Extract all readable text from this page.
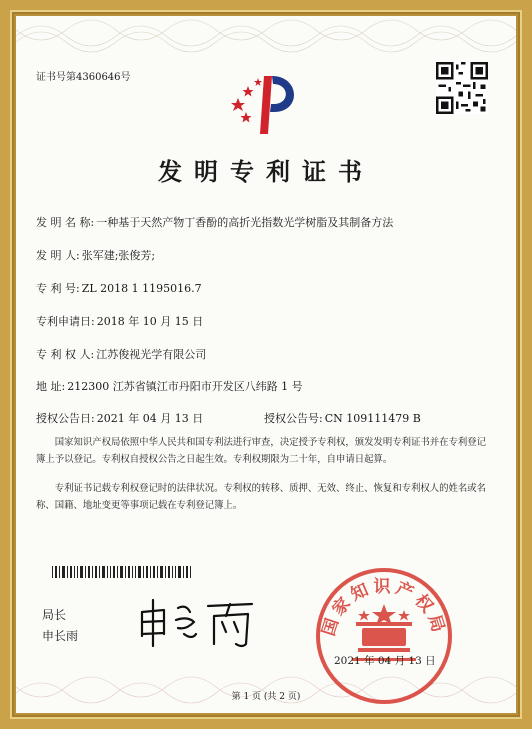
证书号第4360646号
发明专利证书
发 明 名 称: 一种基于天然产物丁香酚的高折光指数光学树脂及其制备方法
发 明 人: 张军建;张俊芳;
专 利 号: ZL 2018 1 1195016.7
专利申请日: 2018 年 10 月 15 日
专 利 权 人: 江苏俊视光学有限公司
地 址: 212300 江苏省镇江市丹阳市开发区八纬路 1 号
授权公告日: 2021 年 04 月 13 日	授权公告号: CN 109111479 B
国家知识产权局依照中华人民共和国专利法进行审查，决定授予专利权，颁发发明专利证书并在专利登记簿上予以登记。专利权自授权公告之日起生效。专利权期限为二十年，自申请日起算。
专利证书记载专利权登记时的法律状况。专利权的转移、质押、无效、终止、恢复和专利权人的姓名或名称、国籍、地址变更等事项记载在专利登记簿上。
局长
申长雨	国家知识产权局
2021 年 04 月 13 日
第 1 页 (共 2 页)
